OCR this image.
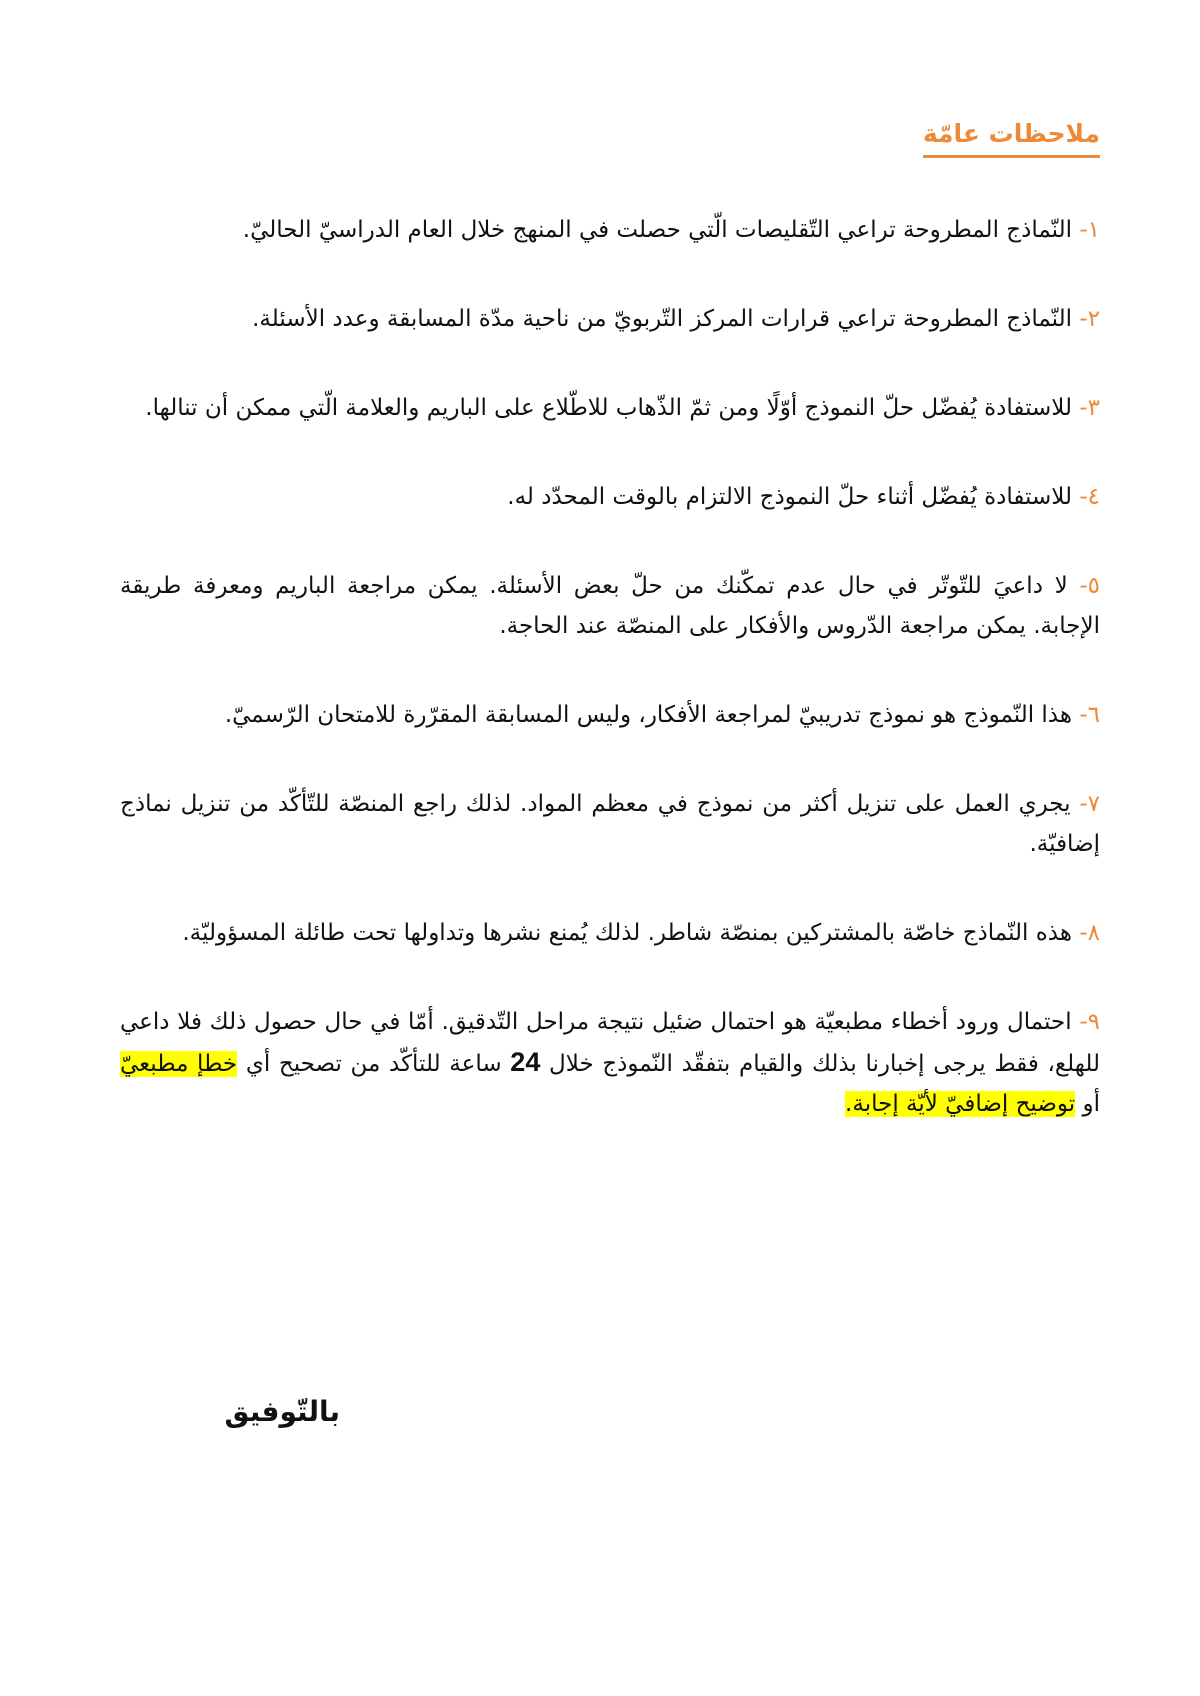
ملاحظات عامّة
١- النّماذج المطروحة تراعي التّقليصات الّتي حصلت في المنهج خلال العام الدراسيّ الحاليّ.
٢- النّماذج المطروحة تراعي قرارات المركز التّربويّ من ناحية مدّة المسابقة وعدد الأسئلة.
٣- للاستفادة يُفضّل حلّ النموذج أوّلًا ومن ثمّ الذّهاب للاطّلاع على الباريم والعلامة الّتي ممكن أن تنالها.
٤- للاستفادة يُفضّل أثناء حلّ النموذج الالتزام بالوقت المحدّد له.
٥- لا داعيَ للتّوتّر في حال عدم تمكّنك من حلّ بعض الأسئلة. يمكن مراجعة الباريم ومعرفة طريقة الإجابة. يمكن مراجعة الدّروس والأفكار على المنصّة عند الحاجة.
٦- هذا النّموذج هو نموذج تدريبيّ لمراجعة الأفكار، وليس المسابقة المقرّرة للامتحان الرّسميّ.
٧- يجري العمل على تنزيل أكثر من نموذج في معظم المواد. لذلك راجع المنصّة للتّأكّد من تنزيل نماذج إضافيّة.
٨- هذه النّماذج خاصّة بالمشتركين بمنصّة شاطر. لذلك يُمنع نشرها وتداولها تحت طائلة المسؤوليّة.
٩- احتمال ورود أخطاء مطبعيّة هو احتمال ضئيل نتيجة مراحل التّدقيق. أمّا في حال حصول ذلك فلا داعي للهلع، فقط يرجى إخبارنا بذلك والقيام بتفقّد النّموذج خلال 24 ساعة للتأكّد من تصحيح أي خطإ مطبعيّ أو توضيح إضافيّ لأيّة إجابة.

بالتّوفيق
